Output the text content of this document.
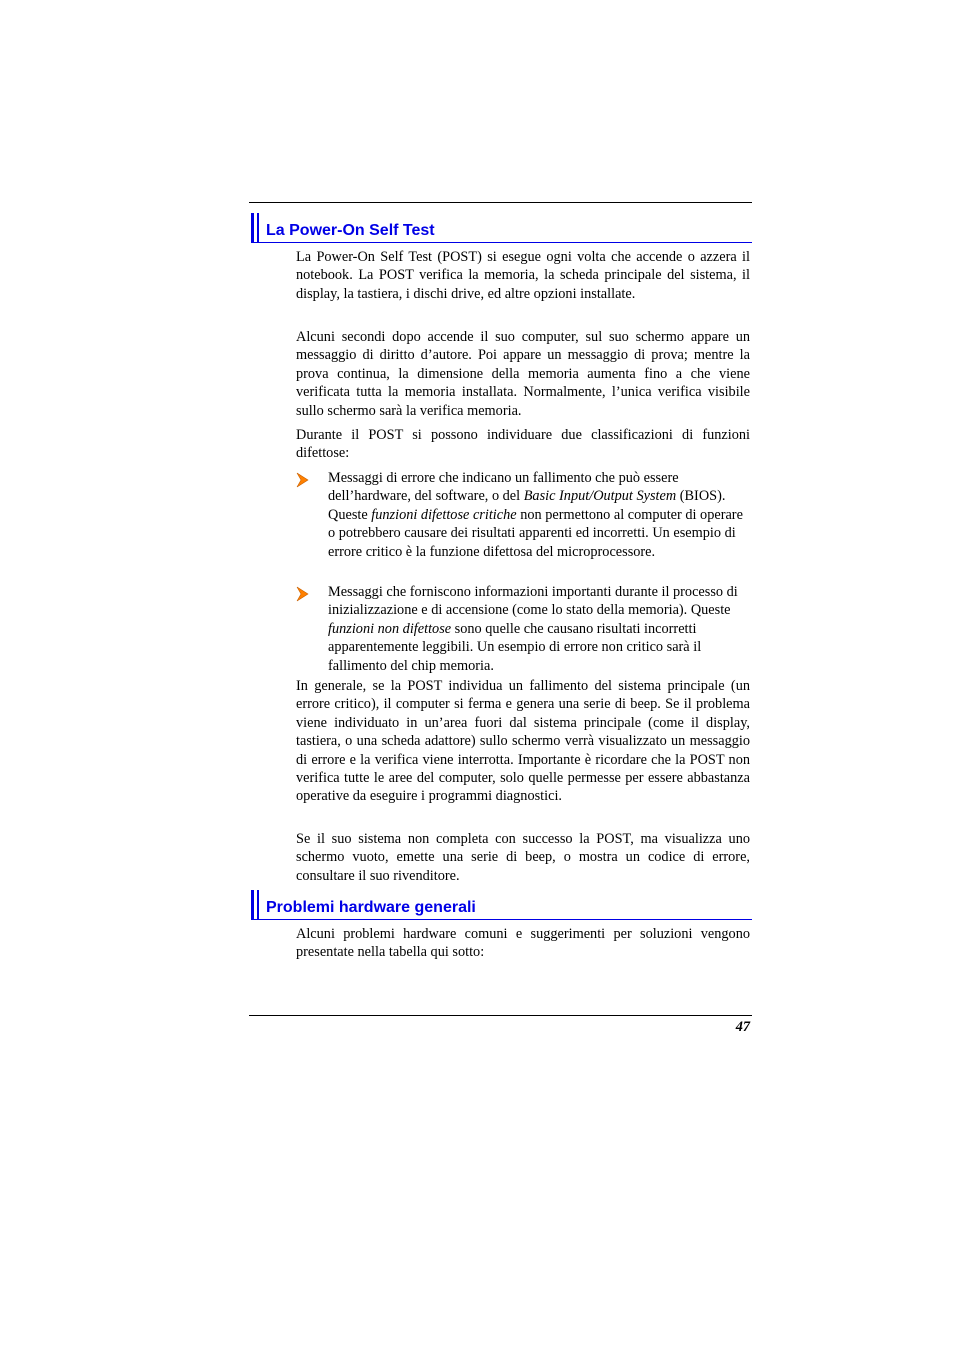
La Power-On Self Test

La Power-On Self Test (POST) si esegue ogni volta che accende o azzera il notebook. La POST verifica la memoria, la scheda principale del sistema, il display, la tastiera, i dischi drive, ed altre opzioni installate.

Alcuni secondi dopo accende il suo computer, sul suo schermo appare un messaggio di diritto d’autore. Poi appare un messaggio di prova; mentre la prova continua, la dimensione della memoria aumenta fino a che viene verificata tutta la memoria installata. Normalmente, l’unica verifica visibile sullo schermo sarà la verifica memoria.

Durante il POST si possono individuare due classificazioni di funzioni difettose:

Messaggi di errore che indicano un fallimento che può essere dell’hardware, del software, o del Basic Input/Output System (BIOS). Queste funzioni difettose critiche non permettono al computer di operare o potrebbero causare dei risultati apparenti ed incorretti. Un esempio di errore critico è la funzione difettosa del microprocessore.

Messaggi che forniscono informazioni importanti durante il processo di inizializzazione e di accensione (come lo stato della memoria). Queste funzioni non difettose sono quelle che causano risultati incorretti apparentemente leggibili. Un esempio di errore non critico sarà il fallimento del chip memoria.

In generale, se la POST individua un fallimento del sistema principale (un errore critico), il computer si ferma e genera una serie di beep. Se il problema viene individuato in un’area fuori dal sistema principale (come il display, tastiera, o una scheda adattore) sullo schermo verrà visualizzato un messaggio di errore e la verifica viene interrotta. Importante è ricordare che la POST non verifica tutte le aree del computer, solo quelle permesse per essere abbastanza operative da eseguire i programmi diagnostici.

Se il suo sistema non completa con successo la POST, ma visualizza uno schermo vuoto, emette una serie di beep, o mostra un codice di errore, consultare il suo rivenditore.

Problemi hardware generali

Alcuni problemi hardware comuni e suggerimenti per soluzioni vengono presentate nella tabella qui sotto:

47
